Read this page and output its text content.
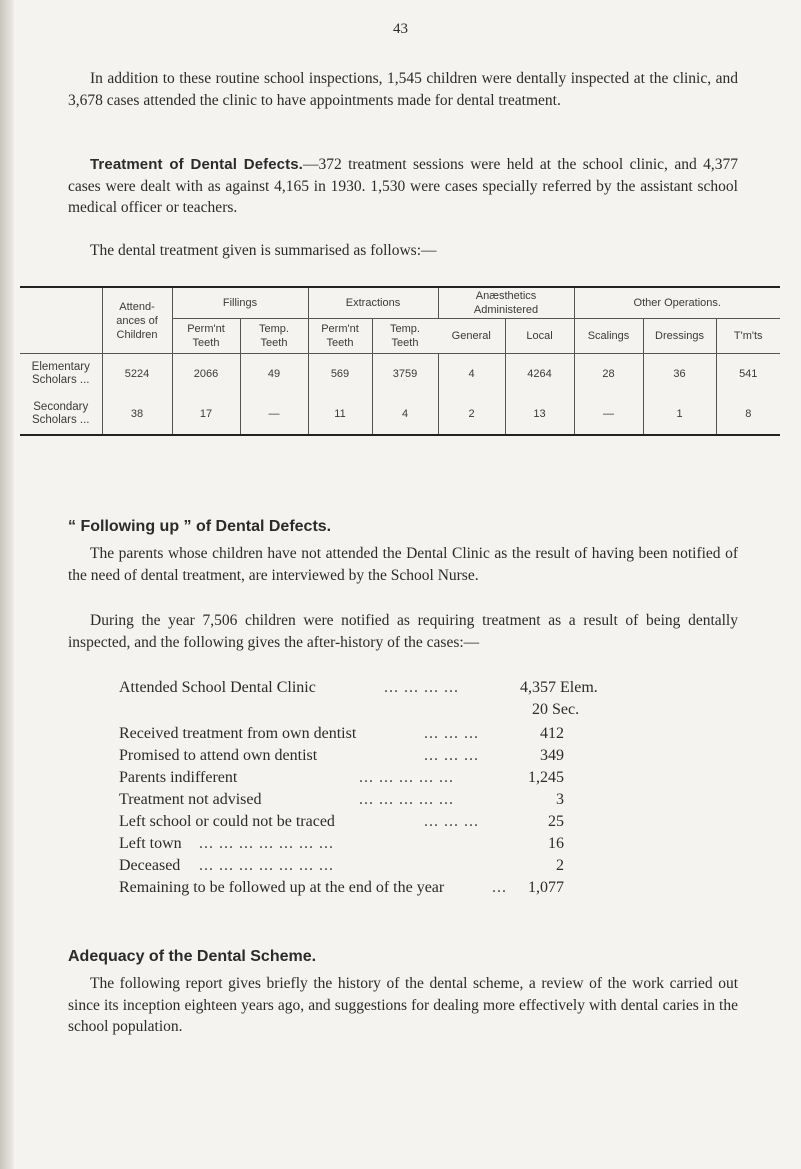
43
In addition to these routine school inspections, 1,545 children were dentally inspected at the clinic, and 3,678 cases attended the clinic to have appointments made for dental treatment.
Treatment of Dental Defects.—372 treatment sessions were held at the school clinic, and 4,377 cases were dealt with as against 4,165 in 1930. 1,530 were cases specially referred by the assistant school medical officer or teachers.
The dental treatment given is summarised as follows:—
	Attend- ances of Children	Fillings		Extractions		Anæsthetics Administered		Other Operations.		
		Perm'nt Teeth	Temp. Teeth	Perm'nt Teeth	Temp. Teeth					
						General	Local	Scalings	Dressings	T'm'ts
Elementary Scholars ...	5224	2066	49	569	3759	4	4264	28	36	541
Secondary Scholars ...	38	17	—	11	4	2	13	—	1	8
“ Following up ” of Dental Defects.
The parents whose children have not attended the Dental Clinic as the result of having been notified of the need of dental treatment, are interviewed by the School Nurse.
During the year 7,506 children were notified as requiring treatment as a result of being dentally inspected, and the following gives the after-history of the cases:—
Attended School Dental Clinic	... ... ... ...	4,357 Elem.
20 Sec.
Received treatment from own dentist	... ... ...	412
Promised to attend own dentist	... ... ...	349
Parents indifferent	... ... ... ... ...	1,245
Treatment not advised	... ... ... ... ...	3
Left school or could not be traced	... ... ...	25
Left town ... ... ... ... ... ... ...	16
Deceased ... ... ... ... ... ... ...	2
Remaining to be followed up at the end of the year	...	1,077
Adequacy of the Dental Scheme.
The following report gives briefly the history of the dental scheme, a review of the work carried out since its inception eighteen years ago, and suggestions for dealing more effectively with dental caries in the school population.
